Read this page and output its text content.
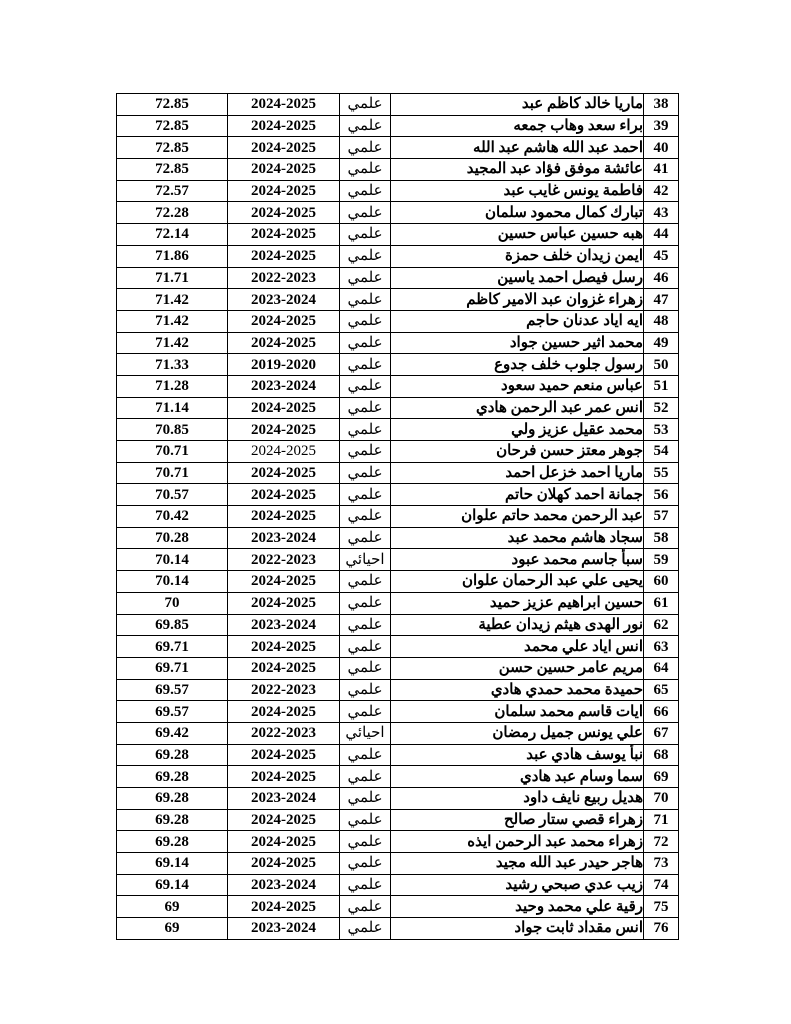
72.85	2024-2025	علمي	ماريا خالد كاظم عبد	38
72.85	2024-2025	علمي	براء سعد وهاب جمعه	39
72.85	2024-2025	علمي	احمد عبد الله هاشم عبد الله	40
72.85	2024-2025	علمي	عائشة موفق فؤاد عبد المجيد	41
72.57	2024-2025	علمي	فاطمة يونس غايب عبد	42
72.28	2024-2025	علمي	تبارك كمال محمود سلمان	43
72.14	2024-2025	علمي	هبه حسين عباس حسين	44
71.86	2024-2025	علمي	ايمن زيدان خلف حمزة	45
71.71	2022-2023	علمي	رسل فيصل احمد ياسين	46
71.42	2023-2024	علمي	زهراء غزوان عبد الامير كاظم	47
71.42	2024-2025	علمي	ايه اياد عدنان حاجم	48
71.42	2024-2025	علمي	محمد اثير حسين جواد	49
71.33	2019-2020	علمي	رسول جلوب خلف جدوع	50
71.28	2023-2024	علمي	عباس منعم حميد سعود	51
71.14	2024-2025	علمي	انس عمر عبد الرحمن هادي	52
70.85	2024-2025	علمي	محمد عقيل عزيز ولي	53
70.71	2024-2025	علمي	جوهر معتز حسن فرحان	54
70.71	2024-2025	علمي	ماريا احمد خزعل احمد	55
70.57	2024-2025	علمي	جمانة احمد كهلان حاتم	56
70.42	2024-2025	علمي	عبد الرحمن محمد حاتم علوان	57
70.28	2023-2024	علمي	سجاد هاشم محمد عبد	58
70.14	2022-2023	احيائي	سبأ جاسم محمد عبود	59
70.14	2024-2025	علمي	يحيى علي عبد الرحمان علوان	60
70	2024-2025	علمي	حسين ابراهيم عزيز حميد	61
69.85	2023-2024	علمي	نور الهدى هيثم زيدان عطية	62
69.71	2024-2025	علمي	انس اياد علي محمد	63
69.71	2024-2025	علمي	مريم عامر حسين حسن	64
69.57	2022-2023	علمي	حميدة محمد حمدي هادي	65
69.57	2024-2025	علمي	ايات قاسم محمد سلمان	66
69.42	2022-2023	احيائي	علي يونس جميل رمضان	67
69.28	2024-2025	علمي	نبأ يوسف هادي عبد	68
69.28	2024-2025	علمي	سما وسام عبد هادي	69
69.28	2023-2024	علمي	هديل ربيع نايف داود	70
69.28	2024-2025	علمي	زهراء قصي ستار صالح	71
69.28	2024-2025	علمي	زهراء محمد عبد الرحمن ايذه	72
69.14	2024-2025	علمي	هاجر حيدر عبد الله مجيد	73
69.14	2023-2024	علمي	زيب عدي صبحي رشيد	74
69	2024-2025	علمي	رقية علي محمد وحيد	75
69	2023-2024	علمي	انس مقداد ثابت جواد	76
